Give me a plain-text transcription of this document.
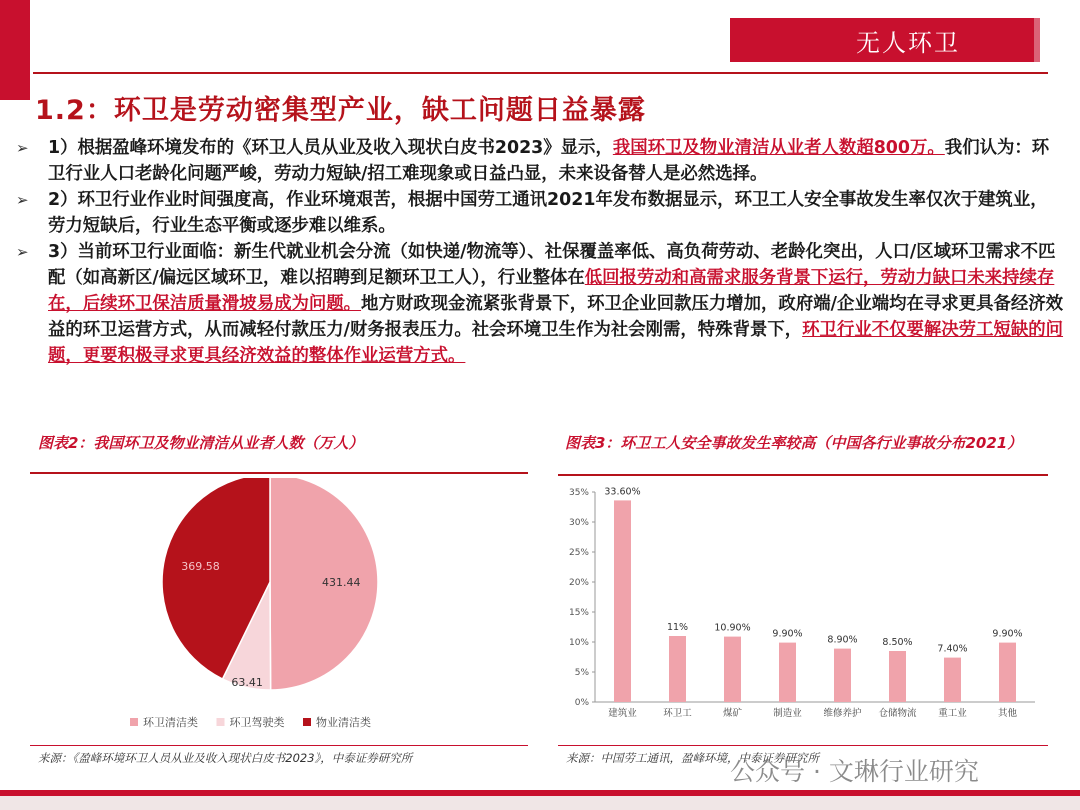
无人环卫
1.2：环卫是劳动密集型产业，缺工问题日益暴露
➢ 1）根据盈峰环境发布的《环卫人员从业及收入现状白皮书2023》显示，我国环卫及物业清洁从业者人数超800万。我们认为：环卫行业人口老龄化问题严峻，劳动力短缺/招工难现象或日益凸显，未来设备替人是必然选择。
➢ 2）环卫行业作业时间强度高，作业环境艰苦，根据中国劳工通讯2021年发布数据显示，环卫工人安全事故发生率仅次于建筑业，劳力短缺后，行业生态平衡或逐步难以维系。
➢ 3）当前环卫行业面临：新生代就业机会分流（如快递/物流等）、社保覆盖率低、高负荷劳动、老龄化突出，人口/区域环卫需求不匹配（如高新区/偏远区域环卫，难以招聘到足额环卫工人），行业整体在低回报劳动和高需求服务背景下运行，劳动力缺口未来持续存在，后续环卫保洁质量滑坡易成为问题。地方财政现金流紧张背景下，环卫企业回款压力增加，政府端/企业端均在寻求更具备经济效益的环卫运营方式，从而减轻付款压力/财务报表压力。社会环境卫生作为社会刚需，特殊背景下，环卫行业不仅要解决劳工短缺的问题，更要积极寻求更具经济效益的整体作业运营方式。
图表2：我国环卫及物业清洁从业者人数（万人）
431.44
63.41
369.58
环卫清洁类	环卫驾驶类	物业清洁类
来源：《盈峰环境环卫人员从业及收入现状白皮书2023》，中泰证券研究所
图表3：环卫工人安全事故发生率较高（中国各行业事故分布2021）
0%
5%
10%
15%
20%
25%
30%
35% 33.60%
建筑业
11%
环卫工
10.90%
煤矿
9.90%
制造业
8.90%
维修养护
8.50%
仓储物流
7.40%
重工业
9.90%
其他
来源：中国劳工通讯，盈峰环境，中泰证券研究所
公众号 · 文琳行业研究
